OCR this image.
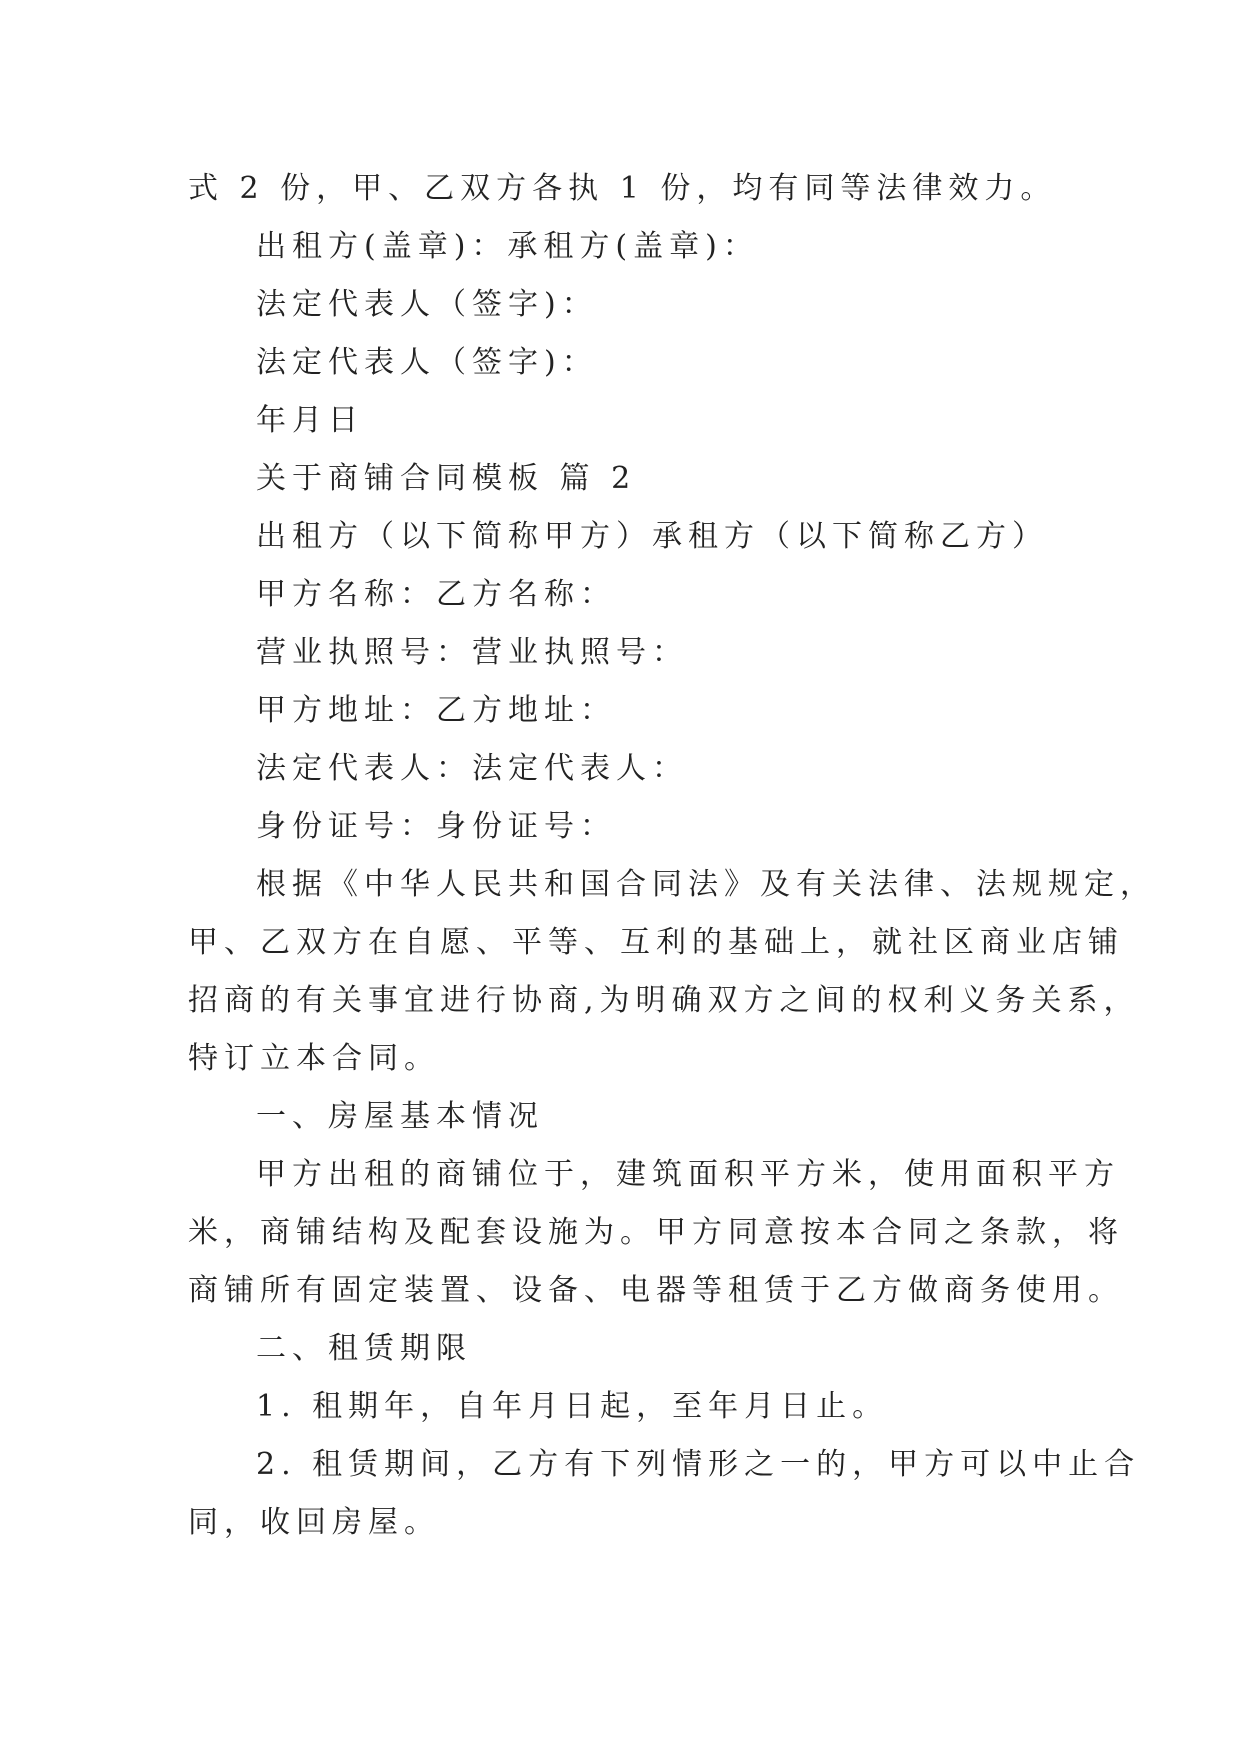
式 2 份，甲、乙双方各执 1 份，均有同等法律效力。
出租方(盖章)：承租方(盖章)：
法定代表人（签字)：
法定代表人（签字)：
年月日
关于商铺合同模板 篇 2
出租方（以下简称甲方）承租方（以下简称乙方）
甲方名称：乙方名称：
营业执照号：营业执照号：
甲方地址：乙方地址：
法定代表人：法定代表人：
身份证号：身份证号：
根据《中华人民共和国合同法》及有关法律、法规规定，
甲、乙双方在自愿、平等、互利的基础上，就社区商业店铺
招商的有关事宜进行协商,为明确双方之间的权利义务关系，
特订立本合同。
一、房屋基本情况
甲方出租的商铺位于，建筑面积平方米，使用面积平方
米，商铺结构及配套设施为。甲方同意按本合同之条款，将
商铺所有固定装置、设备、电器等租赁于乙方做商务使用。
二、租赁期限
1. 租期年，自年月日起，至年月日止。
2. 租赁期间，乙方有下列情形之一的，甲方可以中止合
同，收回房屋。
